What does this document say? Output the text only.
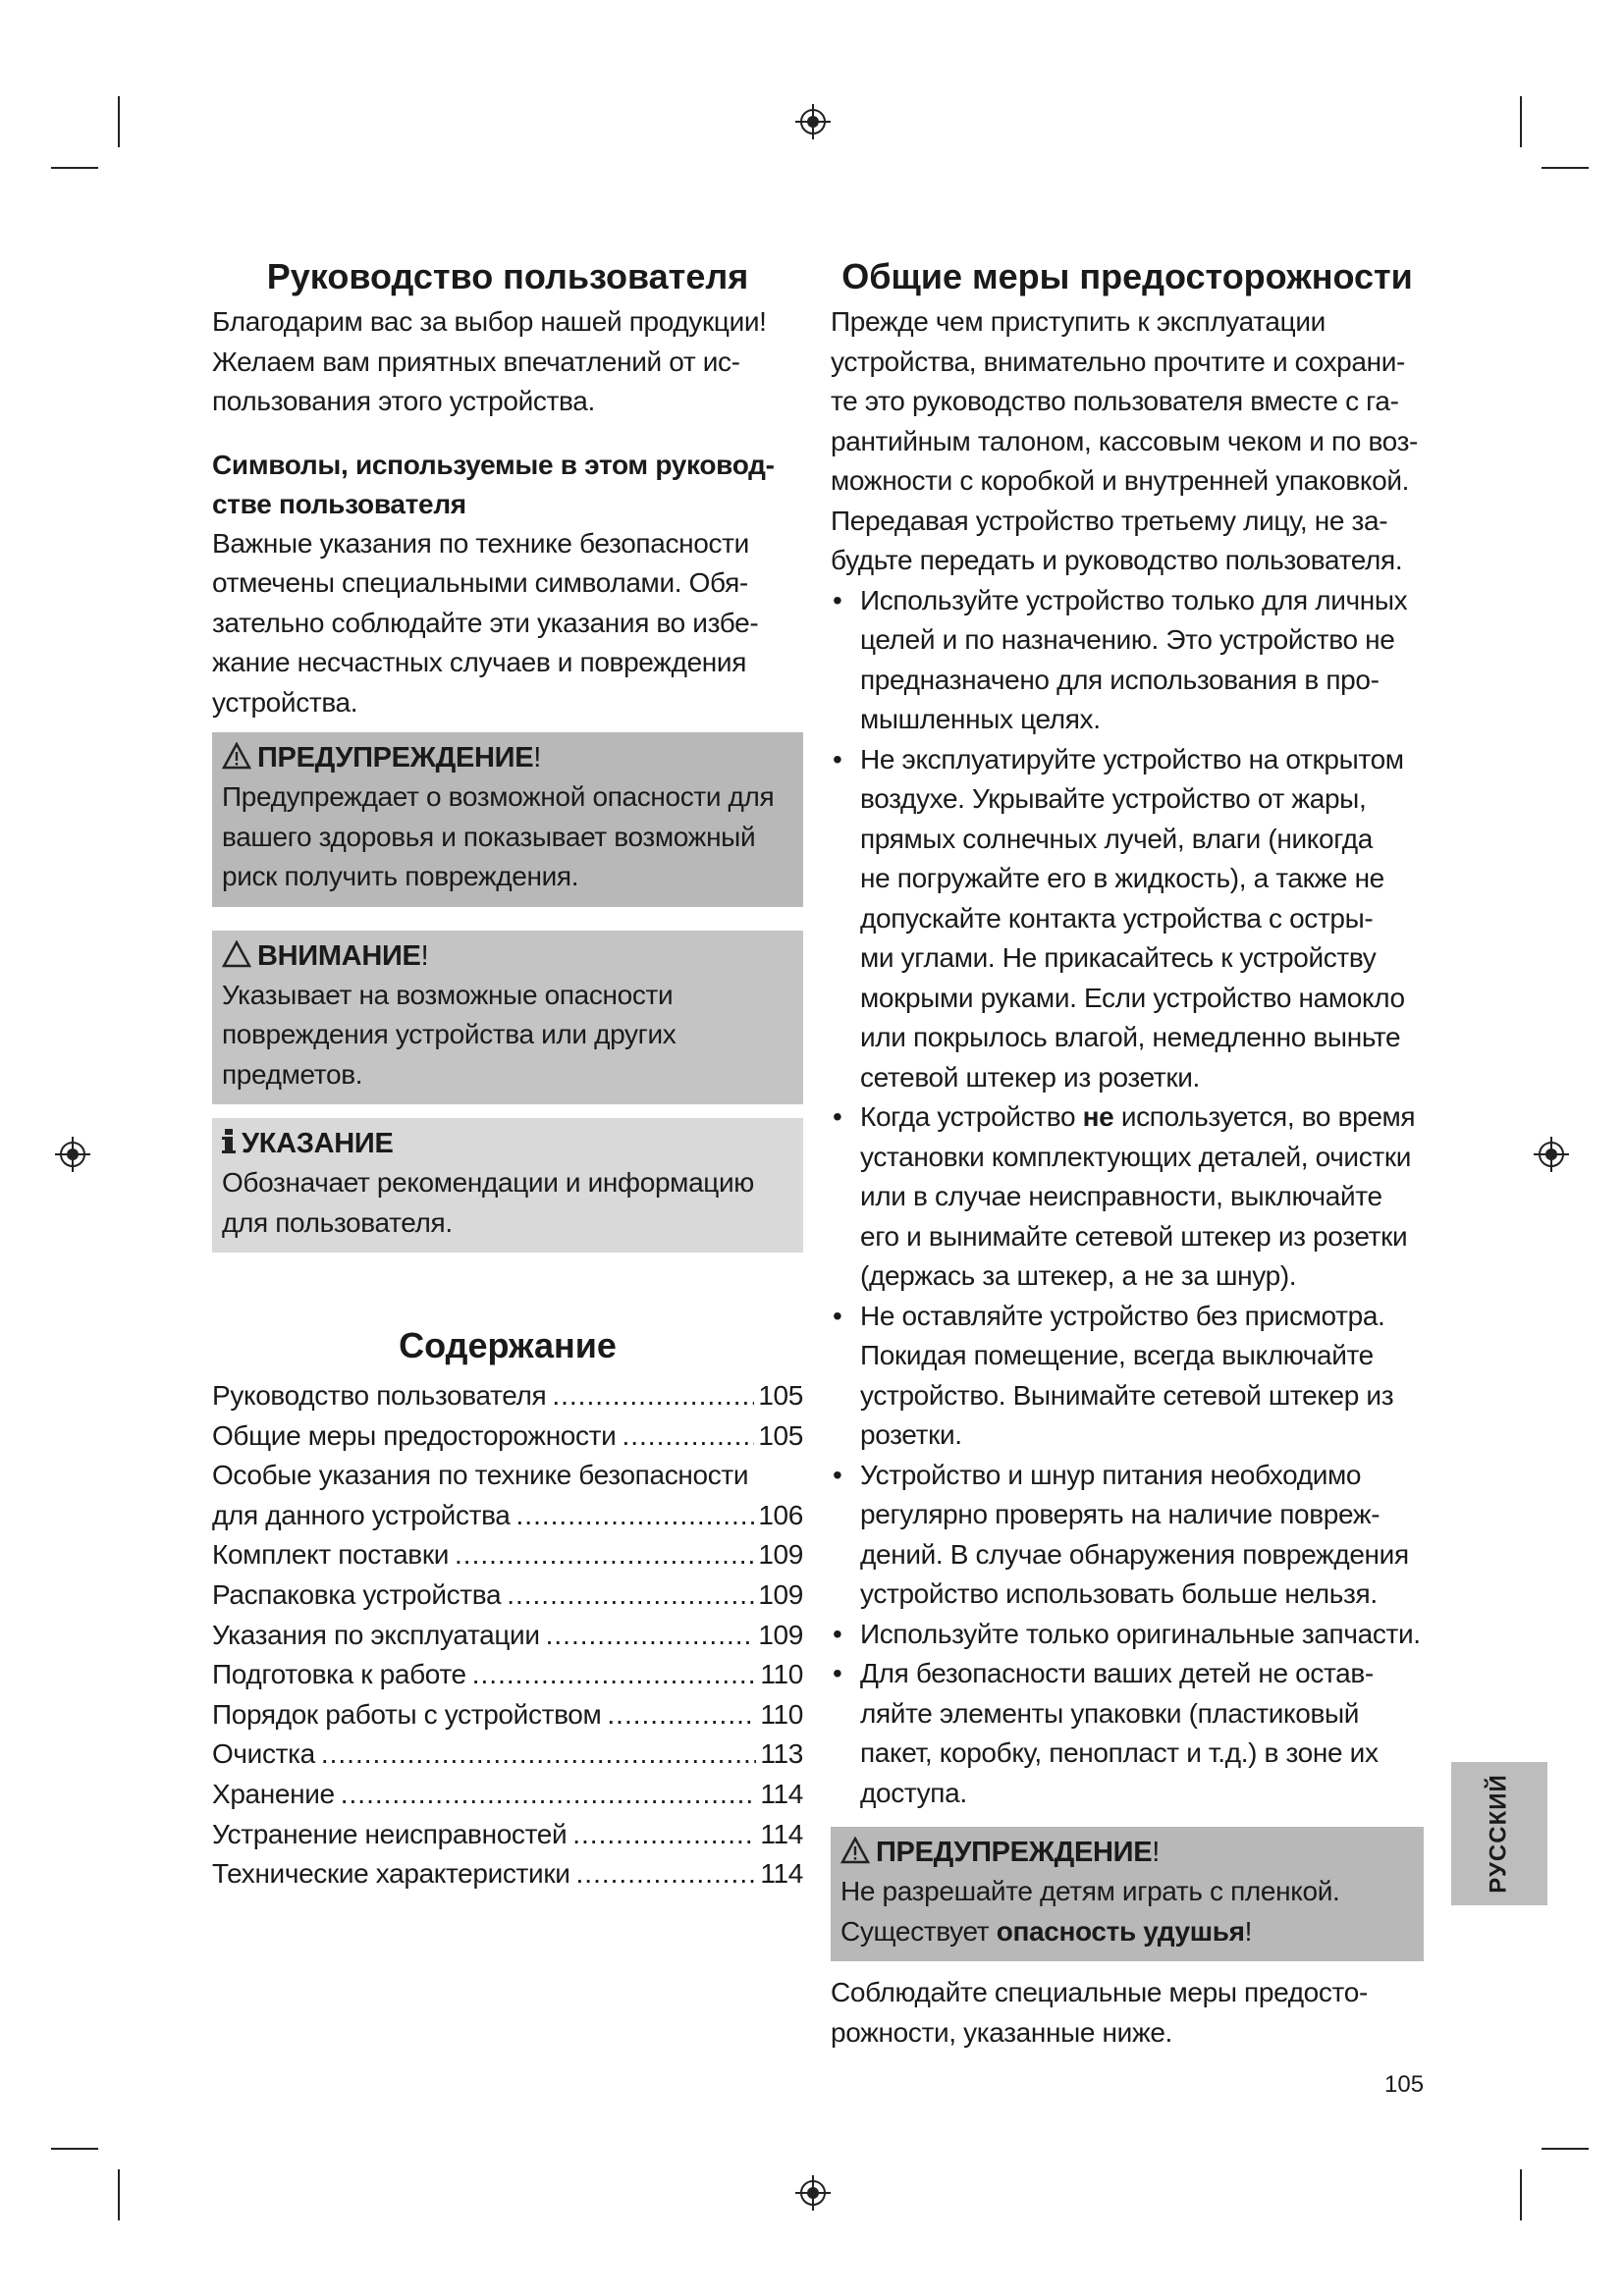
Руководство пользователя

Благодарим вас за выбор нашей продукции!

Желаем вам приятных впечатлений от ис-

пользования этого устройства.

Символы, используемые в этом руковод-
стве пользователя

Важные указания по технике безопасности

отмечены специальными символами. Обя-

зательно соблюдайте эти указания во избе-

жание несчастных случаев и повреждения

устройства.

ПРЕДУПРЕЖДЕНИЕ!

Предупреждает о возможной опасности для

вашего здоровья и показывает возможный

риск получить повреждения.

ВНИМАНИЕ!

Указывает на возможные опасности

повреждения устройства или других

предметов.

УКАЗАНИЕ

Обозначает рекомендации и информацию

для пользователя.

Содержание
Руководство пользователя .....	105
Общие меры предосторожности .....	105
Особые указания по технике безопасности
для данного устройства .....	106
Комплект поставки .....	109
Распаковка устройства .....	109
Указания по эксплуатации .....	109
Подготовка к работе .....	110
Порядок работы с устройством .....	110
Очистка .....	113
Хранение .....	114
Устранение неисправностей .....	114
Технические характеристики .....	114
Общие меры предосторожности

Прежде чем приступить к эксплуатации

устройства, внимательно прочтите и сохрани-

те это руководство пользователя вместе с га-

рантийным талоном, кассовым чеком и по воз-

можности с коробкой и внутренней упаковкой.

Передавая устройство третьему лицу, не за-

будьте передать и руководство пользователя.

• Используйте устройство только для личных
целей и по назначению. Это устройство не
предназначено для использования в про-
мышленных целях.
• Не эксплуатируйте устройство на открытом
воздухе. Укрывайте устройство от жары,
прямых солнечных лучей, влаги (никогда
не погружайте его в жидкость), а также не
допускайте контакта устройства с остры-
ми углами. Не прикасайтесь к устройству
мокрыми руками. Если устройство намокло
или покрылось влагой, немедленно выньте
сетевой штекер из розетки.
• Когда устройство не используется, во время
установки комплектующих деталей, очистки
или в случае неисправности, выключайте
его и вынимайте сетевой штекер из розетки
(держась за штекер, а не за шнур).
• Не оставляйте устройство без присмотра.
Покидая помещение, всегда выключайте
устройство. Вынимайте сетевой штекер из
розетки.
• Устройство и шнур питания необходимо
регулярно проверять на наличие повреж-
дений. В случае обнаружения повреждения
устройство использовать больше нельзя.
• Используйте только оригинальные запчасти.
• Для безопасности ваших детей не остав-
ляйте элементы упаковки (пластиковый
пакет, коробку, пенопласт и т.д.) в зоне их
доступа.
ПРЕДУПРЕЖДЕНИЕ!

Не разрешайте детям играть с пленкой.

Существует опасность удушья!

Соблюдайте специальные меры предосто-

рожности, указанные ниже.

РУССКИЙ
105
